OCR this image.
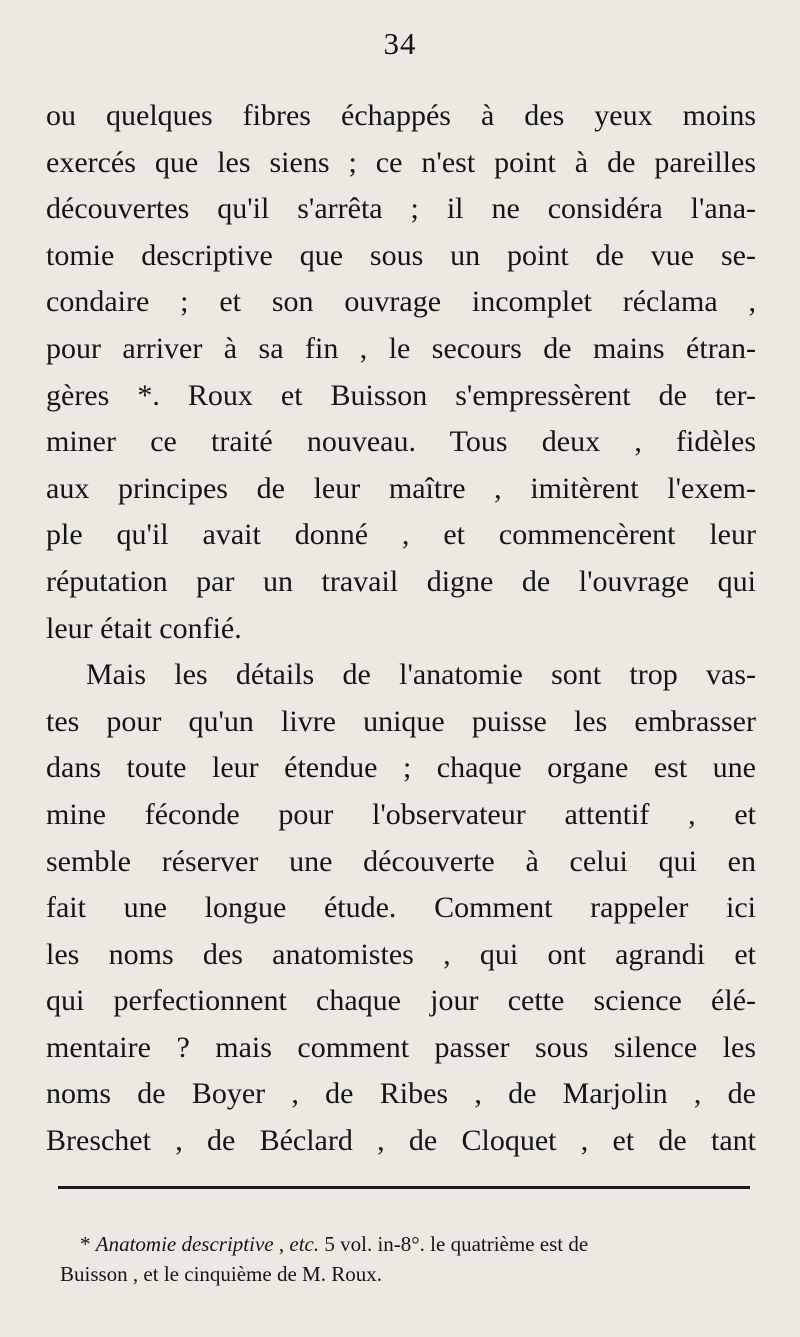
34
ou quelques fibres échappés à des yeux moins
exercés que les siens ; ce n'est point à de pareilles
découvertes qu'il s'arrêta ; il ne considéra l'ana-
tomie descriptive que sous un point de vue se-
condaire ; et son ouvrage incomplet réclama ,
pour arriver à sa fin , le secours de mains étran-
gères *. Roux et Buisson s'empressèrent de ter-
miner ce traité nouveau. Tous deux , fidèles
aux principes de leur maître , imitèrent l'exem-
ple qu'il avait donné , et commencèrent leur
réputation par un travail digne de l'ouvrage qui
leur était confié.
Mais les détails de l'anatomie sont trop vas-
tes pour qu'un livre unique puisse les embrasser
dans toute leur étendue ; chaque organe est une
mine féconde pour l'observateur attentif , et
semble réserver une découverte à celui qui en
fait une longue étude. Comment rappeler ici
les noms des anatomistes , qui ont agrandi et
qui perfectionnent chaque jour cette science élé-
mentaire ? mais comment passer sous silence les
noms de Boyer , de Ribes , de Marjolin , de
Breschet , de Béclard , de Cloquet , et de tant
* Anatomie descriptive , etc. 5 vol. in-8°. le quatrième est de
Buisson , et le cinquième de M. Roux.
